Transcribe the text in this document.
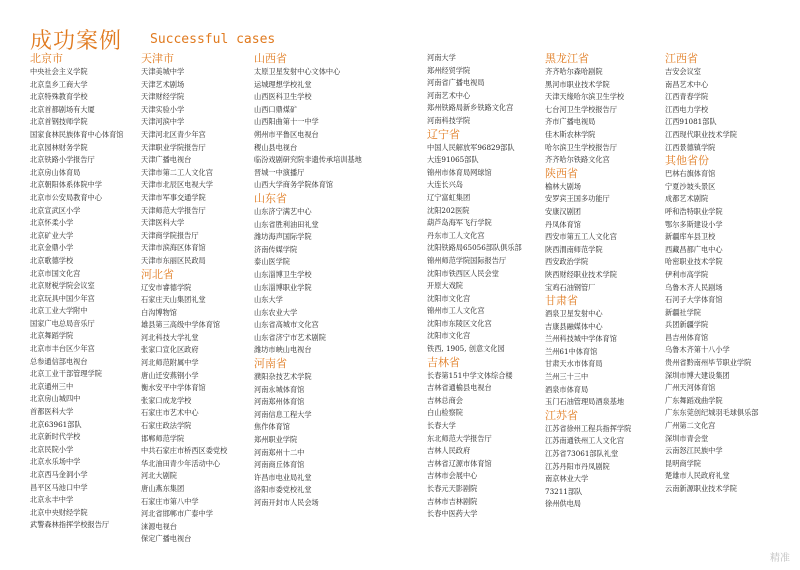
成功案例 Successful cases
北京市
中央社会主义学院
北京皇乡工商大学
北京特殊教育学校
北京首都剧场有大厦
北京首钢技师学院
国家食林民族体育中心体育馆
北京园林财务学院
北京铁路小学报告厅
北京房山体育局
北京朝阳体系体院中学
北京市公安局教育中心
北京宣武区小学
北京怀柔小学
北京矿业大学
北京金鼎小学
北京歌德学校
北京市国文化宫
北京财税学院会议室
北京玩具中国少年宫
北京工业大学附中
国家广电总局音乐厅
北京舞蹈学院
北京市丰台区少年宫
总参通信部电视台
北京工业干部管理学院
北京通州三中
北京房山城四中
首都医科大学
北京63961部队
北京新时代学校
北京民院小学
北京水乐场中学
北京西马金洞小学
昌平区马池口中学
北京永丰中学
北京中央财经学院
武警森林指挥学校报告厅
天津市
天津美城中学
天津艺术剧场
天津财经学院
天津实验小学
天津河滨中学
天津河北区青少年宫
天津职业学院报告厅
天津广播电视台
天津市第二工人文化宫
天津市北辰区电视大学
天津市军事交通学院
天津师范大学报告厅
天津医科大学
天津商学院报告厅
天津市滨海区体育馆
天津市东丽区民政局
河北省
辽安市睿德学院
石家庄天山集团礼堂
白沟博物馆
雄县第三高级中学体育馆
河北科技大学礼堂
张家口宣化区政府
河北师范附属中学
唐山迁安燕钢小学
衡水安平中学体育馆
张家口成龙学校
石家庄市艺术中心
石家庄政法学院
邯郸师范学院
中共石家庄市桥西区委党校
华北油田青少年活动中心
河北大剧院
唐山燕东集团
石家庄市第八中学
河北省邯郸市广泰中学
涞源电视台
保定广播电视台
山西省
太原卫星发射中心文体中心
运城理想学校礼堂
山西医科卫生学校
山西口鼎煤矿
山西阳曲第十一中学
朔州市平鲁区电视台
稷山县电视台
临汾戏剧研究院非遗传承培训基地
晋城一中演播厅
山西大学商务学院体育馆
山东省
山东济宁满艺中心
山东省胜利油田礼堂
潍坊海声国际学院
济南传媒学院
泰山医学院
山东淄博卫生学校
山东淄博职业学院
山东大学
山东农业大学
山东省高城市文化宫
山东省济宁市艺术剧院
潍坊市峡山电视台
河南省
濮阳杂技艺术学院
河南永城体育馆
河南郑州体育馆
河南信息工程大学
焦作体育馆
郑州职业学院
河南郑州十二中
河南商丘体育馆
许昌市电业局礼堂
洛阳市委党校礼堂
河南开封市人民会场
河南大学
郑州经贸学院
河南省广播电视局
河南艺术中心
郑州铁路局新乡铁路文化宫
河南科技学院
辽宁省
中国人民解放军96829部队
大连91065部队
锦州市体育局网球馆
大连长兴岛
辽宁富虹集团
沈阳202医院
葫芦岛海军飞行学院
丹东市工人文化宫
沈阳铁路局65056部队俱乐部
锦州师范学院国际报告厅
沈阳市铁西区人民会堂
开原大戏院
沈阳市文化宫
锦州市工人文化宫
沈阳市东陵区文化宫
沈阳市文化宫
铁西, 1905, 创意文化园
吉林省
长春第151中学文体综合楼
吉林省通榆县电视台
吉林总商会
白山检察院
长春大学
东北师范大学报告厅
吉林人民政府
吉林省辽源市体育馆
吉林市会展中心
长春元天影剧院
吉林市吉林剧院
长春中医药大学
黑龙江省
齐齐哈尔森哈剧院
黑河市职业技术学院
天津天缘哈尔滨卫生学校
七台河卫生学校报告厅
齐市广播电视局
佳木斯农林学院
哈尔滨卫生学校报告厅
齐齐哈尔铁路文化宫
陕西省
榆林大剧场
安罗宾王国多功能厅
安康汉剧团
丹凤体育馆
西安市第五工人文化宫
陕西渭南师范学院
西安政治学院
陕西财经职业技术学院
宝鸡石油钢管厂
甘肃省
酒泉卫星发射中心
吉康县融媒体中心
兰州科技城中学体育馆
兰州61中体育馆
甘肃天水市体育局
兰州三十三中
酒泉市体育局
玉门石油管理局酒泉基地
江苏省
江苏省徐州工程兵指挥学院
江苏南通铁州工人文化宫
江苏省73061部队礼堂
江苏丹阳市丹凤剧院
南京林业大学
73211部队
徐州供电局
江西省
吉安会议室
南昌艺术中心
江西青春学院
江西电力学校
江西91081部队
江西现代职业技术学院
江西景德镇学院
其他省份
巴林右旗体育馆
宁夏沙坡头景区
成都艺术剧院
呼和浩特职业学院
鄂尔多斯建设小学
新疆库车县卫校
西藏昌都广电中心
哈密职业技术学院
伊利市高学院
乌鲁木齐人民剧场
石河子大学体育馆
新疆社学院
兵团新疆学院
昌吉州体育馆
乌鲁木齐第十八小学
贵州省黔南州毕节职业学院
深圳市博大建设集团
广州天河体育馆
广东舞蹈戏曲学院
广东东莞创纪城羽毛球俱乐部
广州第二文化宫
深圳市青会堂
云南怒江民族中学
昆明商学院
楚雄市人民政府礼堂
云南新源职业技术学院
精准
